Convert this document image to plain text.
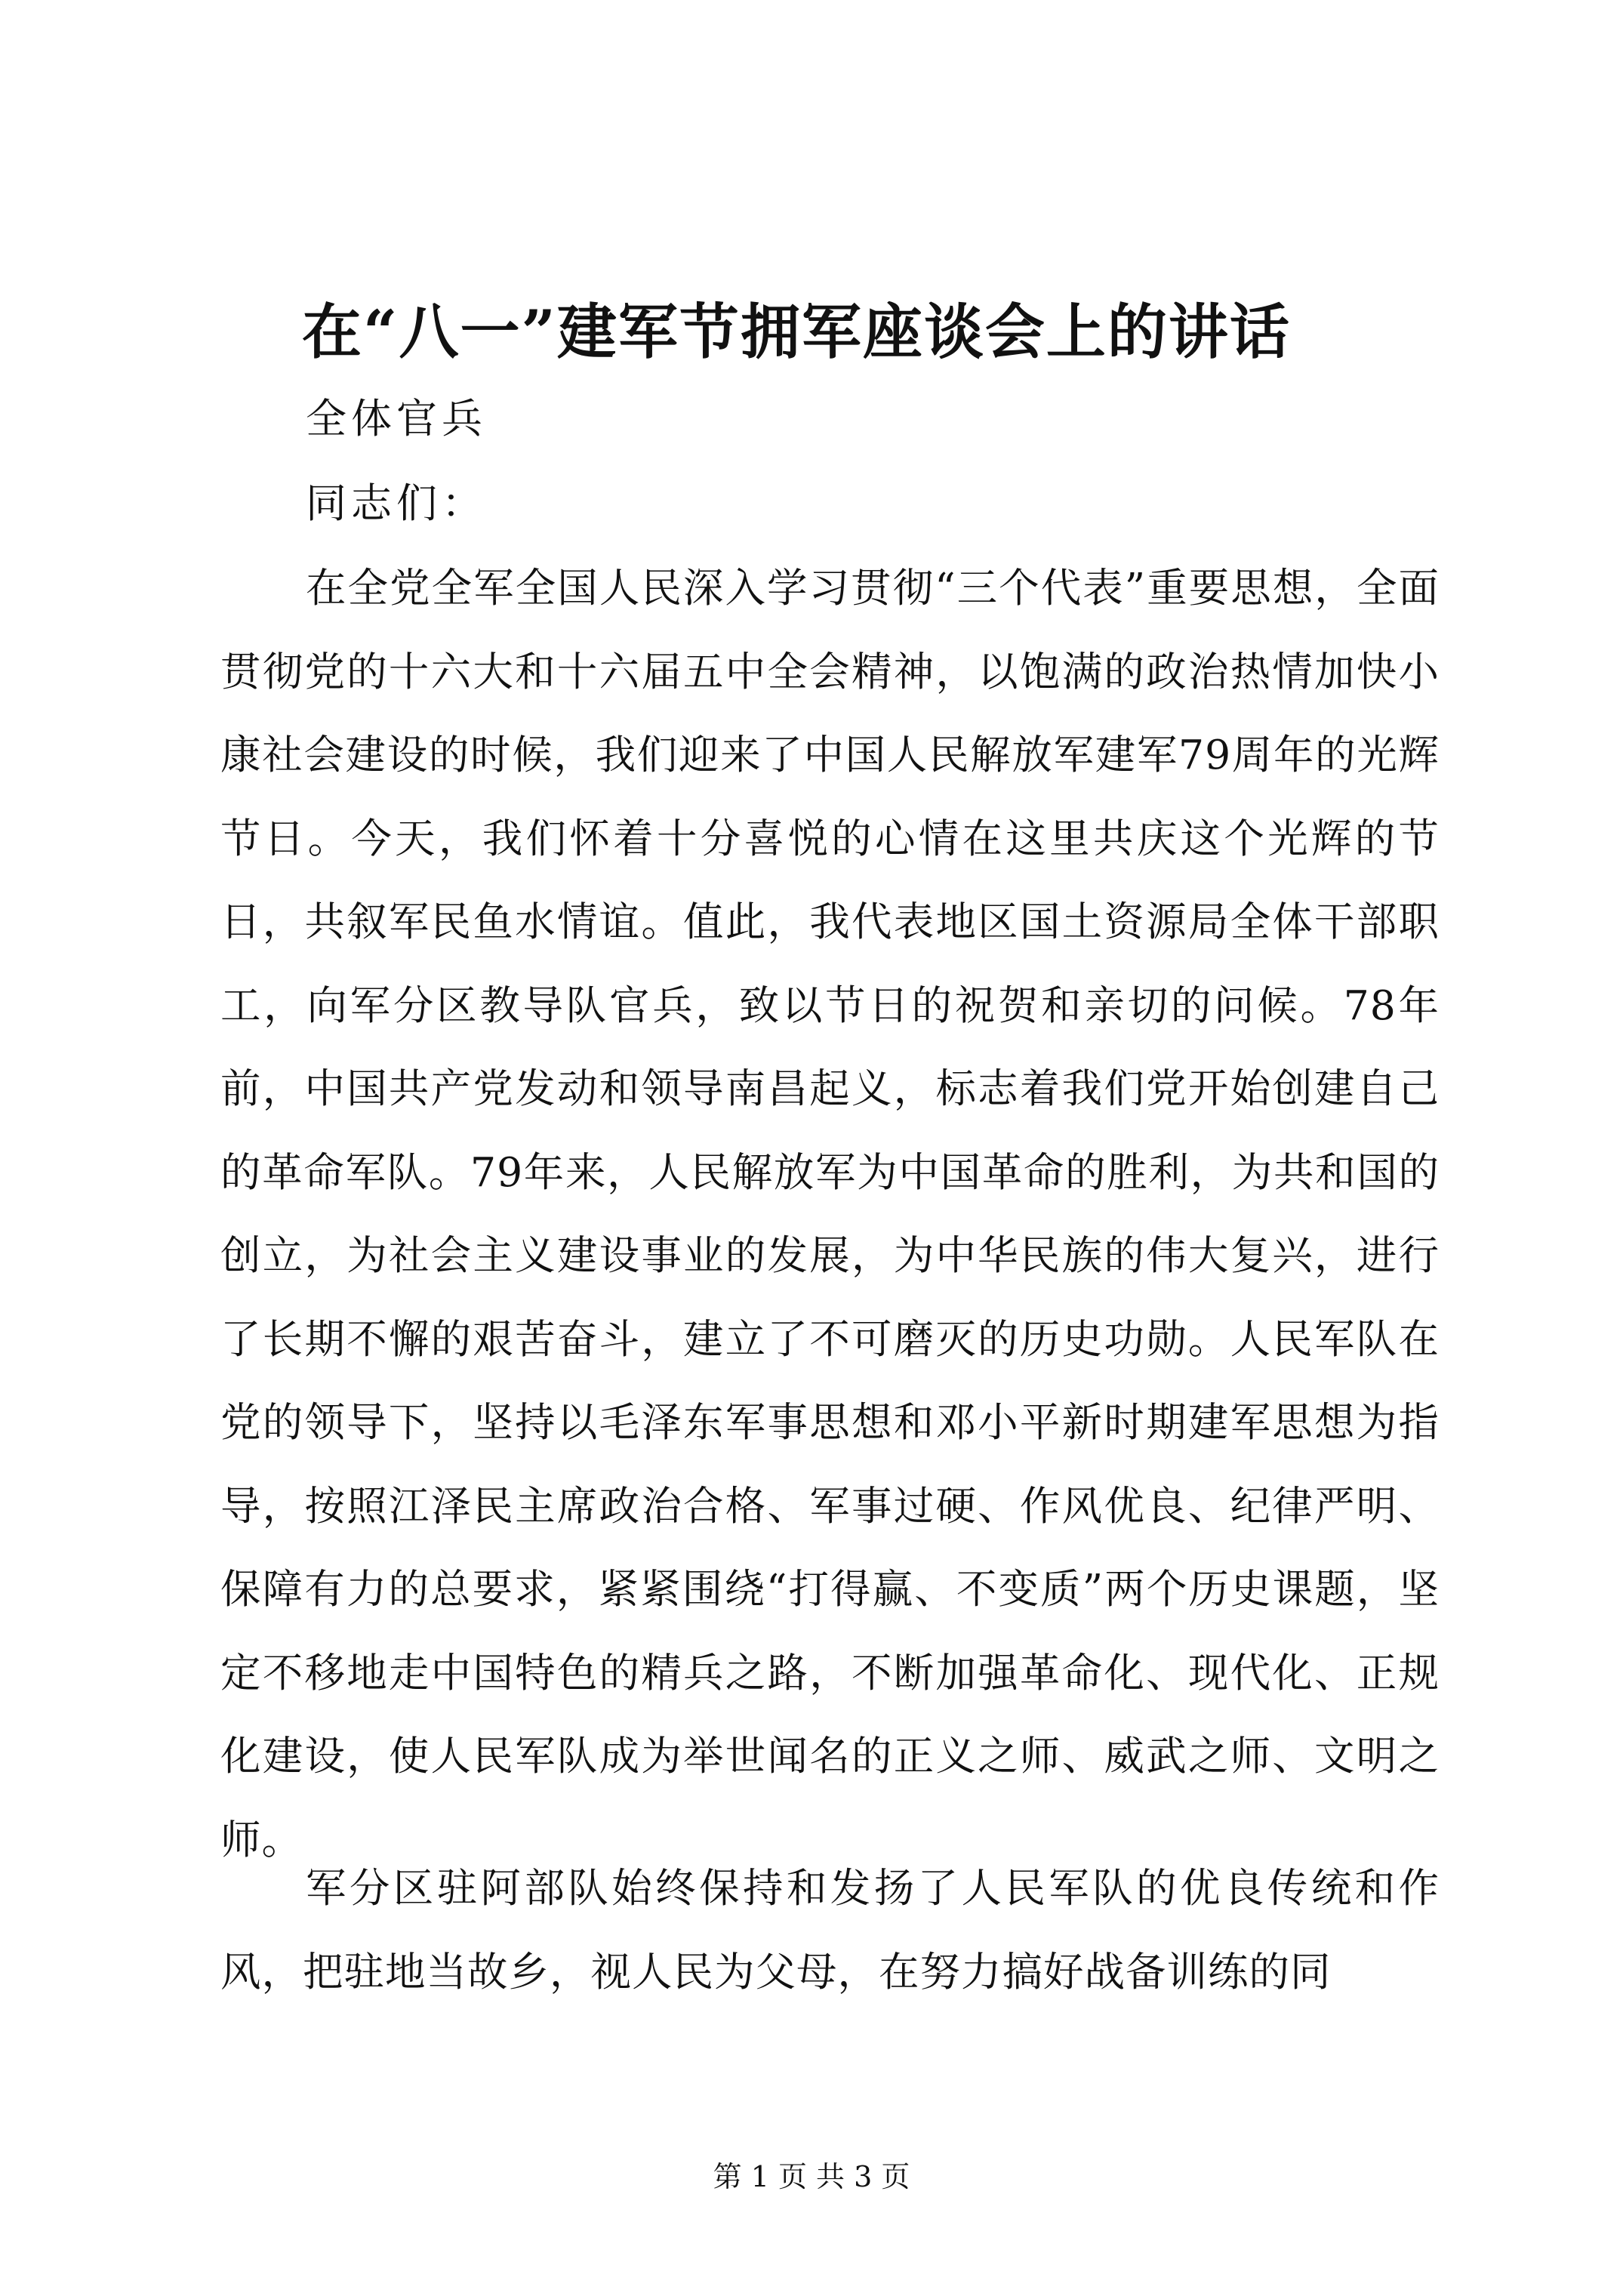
在“八一”建军节拥军座谈会上的讲话
全体官兵
同志们：

在全党全军全国人民深入学习贯彻“三个代表”重要思想，全面贯彻党的十六大和十六届五中全会精神，以饱满的政治热情加快小康社会建设的时候，我们迎来了中国人民解放军建军79周年的光辉节日。今天，我们怀着十分喜悦的心情在这里共庆这个光辉的节日，共叙军民鱼水情谊。值此，我代表地区国土资源局全体干部职工，向军分区教导队官兵，致以节日的祝贺和亲切的问候。78年前，中国共产党发动和领导南昌起义，标志着我们党开始创建自己的革命军队。79年来，人民解放军为中国革命的胜利，为共和国的创立，为社会主义建设事业的发展，为中华民族的伟大复兴，进行了长期不懈的艰苦奋斗，建立了不可磨灭的历史功勋。人民军队在党的领导下，坚持以毛泽东军事思想和邓小平新时期建军思想为指导，按照江泽民主席政治合格、军事过硬、作风优良、纪律严明、保障有力的总要求，紧紧围绕“打得赢、不变质”两个历史课题，坚定不移地走中国特色的精兵之路，不断加强革命化、现代化、正规化建设，使人民军队成为举世闻名的正义之师、威武之师、文明之师。

军分区驻阿部队始终保持和发扬了人民军队的优良传统和作风，把驻地当故乡，视人民为父母，在努力搞好战备训练的同

第 1 页 共 3 页
